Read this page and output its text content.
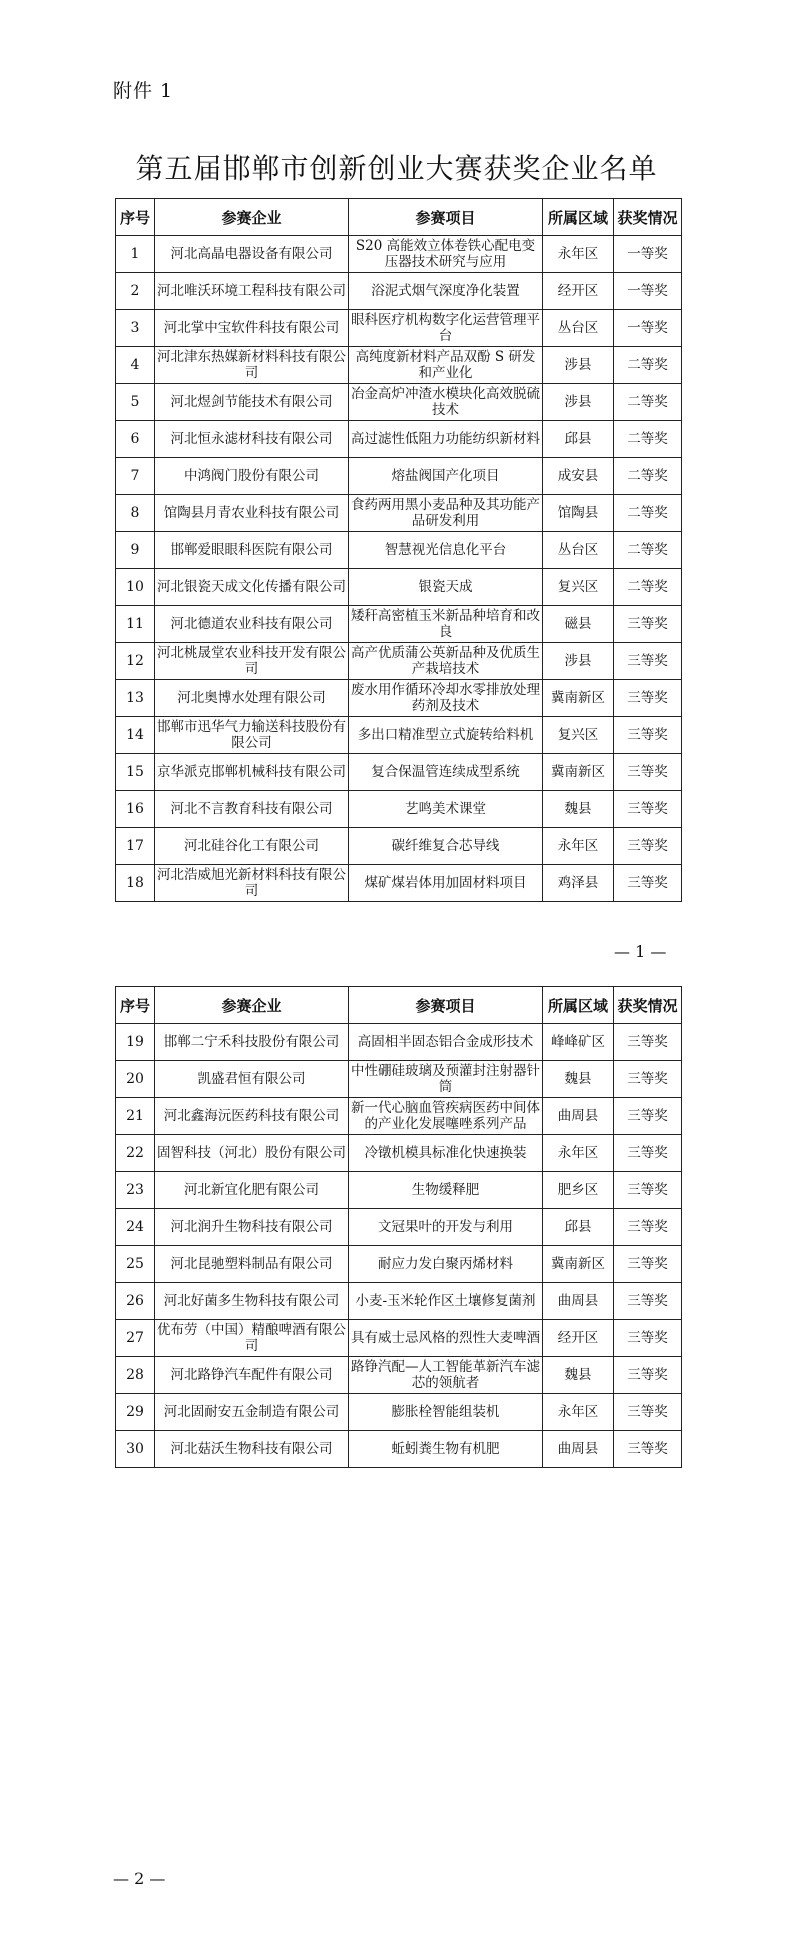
附件 1
第五届邯郸市创新创业大赛获奖企业名单
序号	参赛企业	参赛项目	所属区域	获奖情况
1	河北高晶电器设备有限公司	S20 高能效立体卷铁心配电变压器技术研究与应用	永年区	一等奖
2	河北唯沃环境工程科技有限公司	浴泥式烟气深度净化装置	经开区	一等奖
3	河北掌中宝软件科技有限公司	眼科医疗机构数字化运营管理平台	丛台区	一等奖
4	河北津东热媒新材料科技有限公司	高纯度新材料产品双酚 S 研发和产业化	涉县	二等奖
5	河北煜剑节能技术有限公司	冶金高炉冲渣水模块化高效脱硫技术	涉县	二等奖
6	河北恒永滤材科技有限公司	高过滤性低阻力功能纺织新材料	邱县	二等奖
7	中鸿阀门股份有限公司	熔盐阀国产化项目	成安县	二等奖
8	馆陶县月青农业科技有限公司	食药两用黑小麦品种及其功能产品研发利用	馆陶县	二等奖
9	邯郸爱眼眼科医院有限公司	智慧视光信息化平台	丛台区	二等奖
10	河北银瓷天成文化传播有限公司	银瓷天成	复兴区	二等奖
11	河北德道农业科技有限公司	矮秆高密植玉米新品种培育和改良	磁县	三等奖
12	河北桃晟堂农业科技开发有限公司	高产优质蒲公英新品种及优质生产栽培技术	涉县	三等奖
13	河北奥博水处理有限公司	废水用作循环冷却水零排放处理药剂及技术	冀南新区	三等奖
14	邯郸市迅华气力输送科技股份有限公司	多出口精准型立式旋转给料机	复兴区	三等奖
15	京华派克邯郸机械科技有限公司	复合保温管连续成型系统	冀南新区	三等奖
16	河北不言教育科技有限公司	艺鸣美术课堂	魏县	三等奖
17	河北硅谷化工有限公司	碳纤维复合芯导线	永年区	三等奖
18	河北浩威旭光新材料科技有限公司	煤矿煤岩体用加固材料项目	鸡泽县	三等奖
— 1 —
序号	参赛企业	参赛项目	所属区域	获奖情况
19	邯郸二宁禾科技股份有限公司	高固相半固态铝合金成形技术	峰峰矿区	三等奖
20	凯盛君恒有限公司	中性硼硅玻璃及预灌封注射器针筒	魏县	三等奖
21	河北鑫海沅医药科技有限公司	新一代心脑血管疾病医药中间体的产业化发展噻唑系列产品	曲周县	三等奖
22	固智科技（河北）股份有限公司	冷镦机模具标准化快速换装	永年区	三等奖
23	河北新宜化肥有限公司	生物缓释肥	肥乡区	三等奖
24	河北润升生物科技有限公司	文冠果叶的开发与利用	邱县	三等奖
25	河北昆驰塑料制品有限公司	耐应力发白聚丙烯材料	冀南新区	三等奖
26	河北好菌多生物科技有限公司	小麦-玉米轮作区土壤修复菌剂	曲周县	三等奖
27	优布劳（中国）精酿啤酒有限公司	具有威士忌风格的烈性大麦啤酒	经开区	三等奖
28	河北路铮汽车配件有限公司	路铮汽配—人工智能革新汽车滤芯的领航者	魏县	三等奖
29	河北固耐安五金制造有限公司	膨胀栓智能组装机	永年区	三等奖
30	河北菇沃生物科技有限公司	蚯蚓粪生物有机肥	曲周县	三等奖
— 2 —
